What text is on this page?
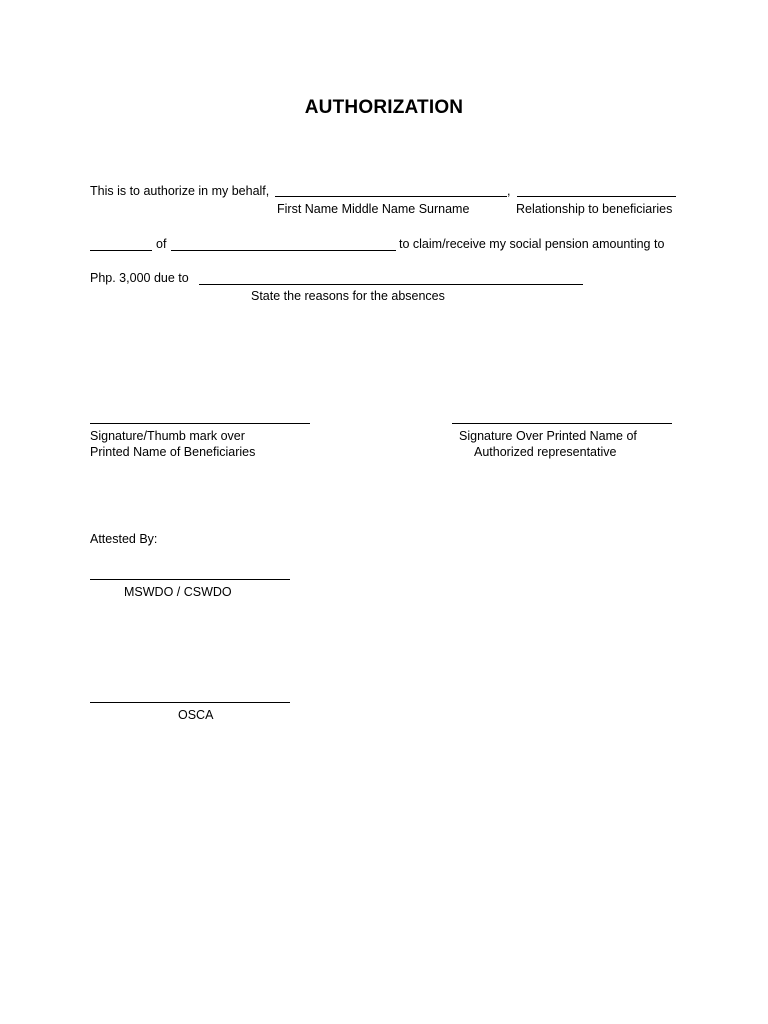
AUTHORIZATION
This is to authorize in my behalf,	,
First Name Middle Name Surname	Relationship to beneficiaries
of	to claim/receive my social pension amounting to
Php. 3,000 due to
State the reasons for the absences
Signature/Thumb mark over
Printed Name of Beneficiaries
Signature Over Printed Name of
Authorized representative
Attested By:
MSWDO / CSWDO
OSCA
